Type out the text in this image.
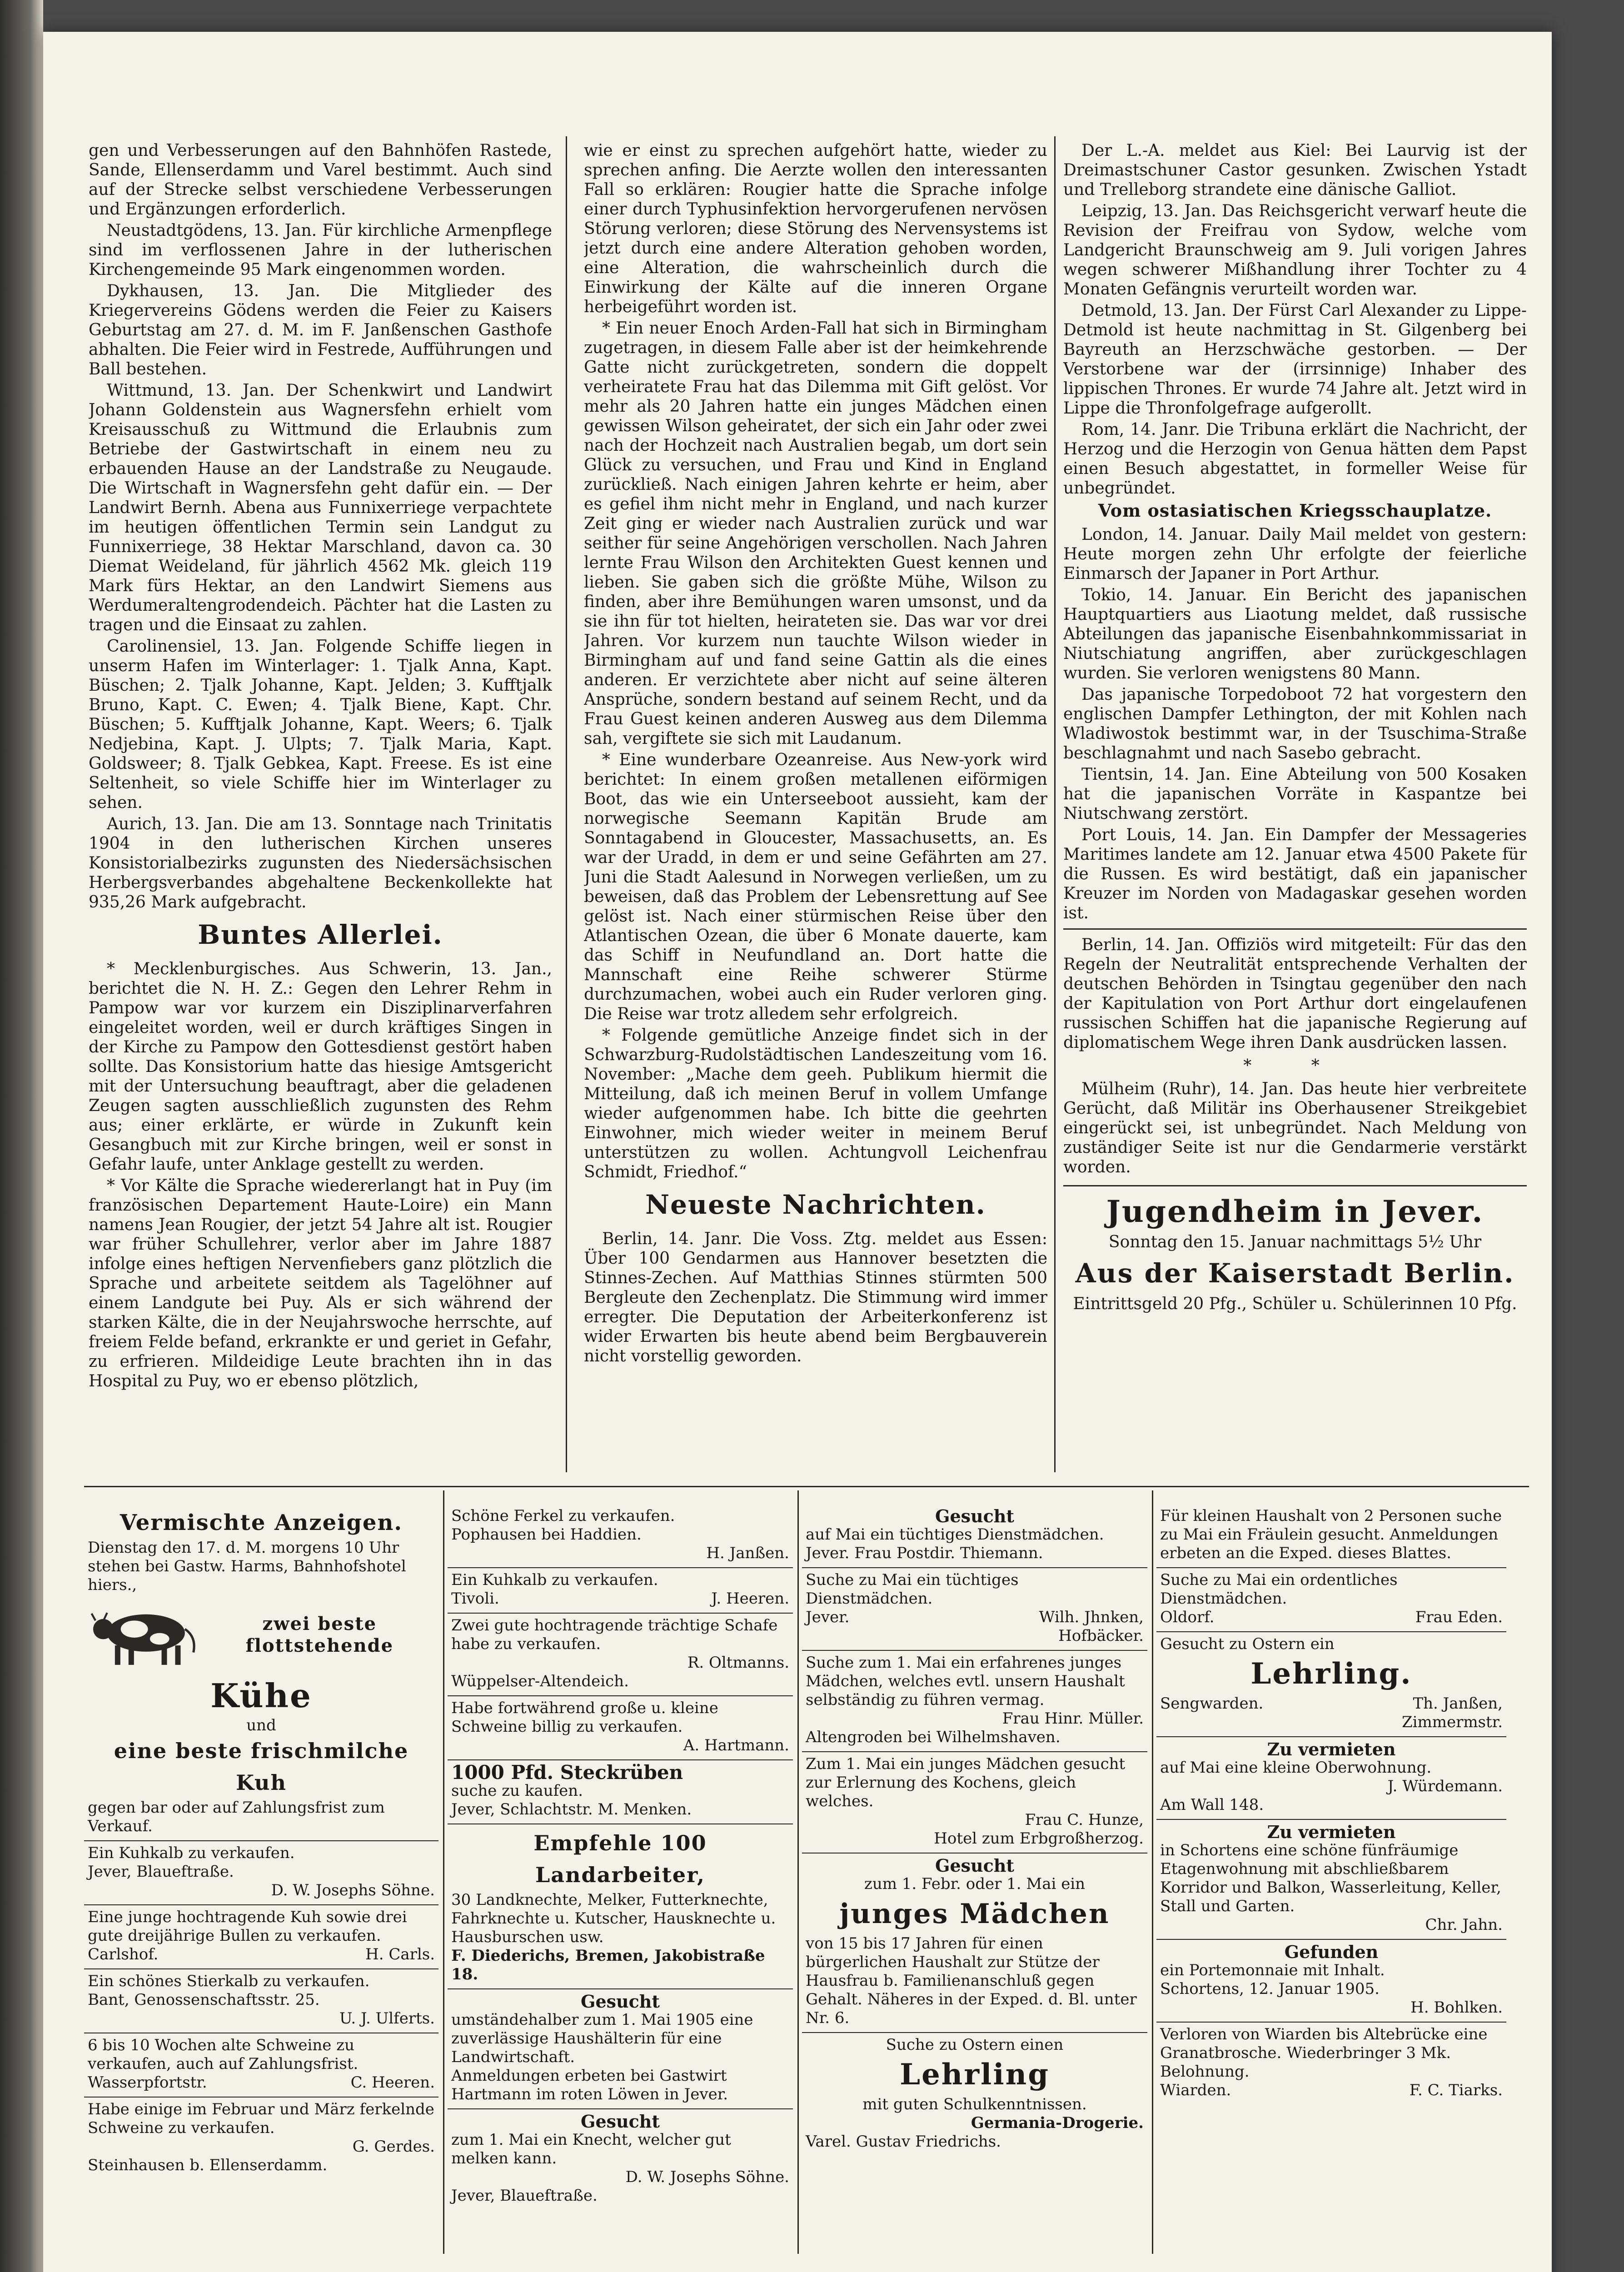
gen und Verbesserungen auf den Bahnhöfen Rastede, Sande, Ellenserdamm und Varel bestimmt. Auch sind auf der Strecke selbst verschiedene Verbesserungen und Ergänzungen erforderlich.

Neustadtgödens, 13. Jan. Für kirchliche Armenpflege sind im verflossenen Jahre in der lutherischen Kirchengemeinde 95 Mark eingenommen worden.

Dykhausen, 13. Jan. Die Mitglieder des Kriegervereins Gödens werden die Feier zu Kaisers Geburtstag am 27. d. M. im F. Janßenschen Gasthofe abhalten. Die Feier wird in Festrede, Aufführungen und Ball bestehen.

Wittmund, 13. Jan. Der Schenkwirt und Landwirt Johann Goldenstein aus Wagnersfehn erhielt vom Kreisausschuß zu Wittmund die Erlaubnis zum Betriebe der Gastwirtschaft in einem neu zu erbauenden Hause an der Landstraße zu Neugaude. Die Wirtschaft in Wagnersfehn geht dafür ein. — Der Landwirt Bernh. Abena aus Funnixerriege verpachtete im heutigen öffentlichen Termin sein Landgut zu Funnixerriege, 38 Hektar Marschland, davon ca. 30 Diemat Weideland, für jährlich 4562 Mk. gleich 119 Mark fürs Hektar, an den Landwirt Siemens aus Werdumeraltengrodendeich. Pächter hat die Lasten zu tragen und die Einsaat zu zahlen.

Carolinensiel, 13. Jan. Folgende Schiffe liegen in unserm Hafen im Winterlager: 1. Tjalk Anna, Kapt. Büschen; 2. Tjalk Johanne, Kapt. Jelden; 3. Kufftjalk Bruno, Kapt. C. Ewen; 4. Tjalk Biene, Kapt. Chr. Büschen; 5. Kufftjalk Johanne, Kapt. Weers; 6. Tjalk Nedjebina, Kapt. J. Ulpts; 7. Tjalk Maria, Kapt. Goldsweer; 8. Tjalk Gebkea, Kapt. Freese. Es ist eine Seltenheit, so viele Schiffe hier im Winterlager zu sehen.

Aurich, 13. Jan. Die am 13. Sonntage nach Trinitatis 1904 in den lutherischen Kirchen unseres Konsistorialbezirks zugunsten des Niedersächsischen Herbergsverbandes abgehaltene Beckenkollekte hat 935,26 Mark aufgebracht.

Buntes Allerlei.

* Mecklenburgisches. Aus Schwerin, 13. Jan., berichtet die N. H. Z.: Gegen den Lehrer Rehm in Pampow war vor kurzem ein Disziplinarverfahren eingeleitet worden, weil er durch kräftiges Singen in der Kirche zu Pampow den Gottesdienst gestört haben sollte. Das Konsistorium hatte das hiesige Amtsgericht mit der Untersuchung beauftragt, aber die geladenen Zeugen sagten ausschließlich zugunsten des Rehm aus; einer erklärte, er würde in Zukunft kein Gesangbuch mit zur Kirche bringen, weil er sonst in Gefahr laufe, unter Anklage gestellt zu werden.

* Vor Kälte die Sprache wiedererlangt hat in Puy (im französischen Departement Haute-Loire) ein Mann namens Jean Rougier, der jetzt 54 Jahre alt ist. Rougier war früher Schullehrer, verlor aber im Jahre 1887 infolge eines heftigen Nervenfiebers ganz plötzlich die Sprache und arbeitete seitdem als Tagelöhner auf einem Landgute bei Puy. Als er sich während der starken Kälte, die in der Neujahrswoche herrschte, auf freiem Felde befand, erkrankte er und geriet in Gefahr, zu erfrieren. Mildeidige Leute brachten ihn in das Hospital zu Puy, wo er ebenso plötzlich,

wie er einst zu sprechen aufgehört hatte, wieder zu sprechen anfing. Die Aerzte wollen den interessanten Fall so erklären: Rougier hatte die Sprache infolge einer durch Typhusinfektion hervorgerufenen nervösen Störung verloren; diese Störung des Nervensystems ist jetzt durch eine andere Alteration gehoben worden, eine Alteration, die wahrscheinlich durch die Einwirkung der Kälte auf die inneren Organe herbeigeführt worden ist.

* Ein neuer Enoch Arden-Fall hat sich in Birmingham zugetragen, in diesem Falle aber ist der heimkehrende Gatte nicht zurückgetreten, sondern die doppelt verheiratete Frau hat das Dilemma mit Gift gelöst. Vor mehr als 20 Jahren hatte ein junges Mädchen einen gewissen Wilson geheiratet, der sich ein Jahr oder zwei nach der Hochzeit nach Australien begab, um dort sein Glück zu versuchen, und Frau und Kind in England zurückließ. Nach einigen Jahren kehrte er heim, aber es gefiel ihm nicht mehr in England, und nach kurzer Zeit ging er wieder nach Australien zurück und war seither für seine Angehörigen verschollen. Nach Jahren lernte Frau Wilson den Architekten Guest kennen und lieben. Sie gaben sich die größte Mühe, Wilson zu finden, aber ihre Bemühungen waren umsonst, und da sie ihn für tot hielten, heirateten sie. Das war vor drei Jahren. Vor kurzem nun tauchte Wilson wieder in Birmingham auf und fand seine Gattin als die eines anderen. Er verzichtete aber nicht auf seine älteren Ansprüche, sondern bestand auf seinem Recht, und da Frau Guest keinen anderen Ausweg aus dem Dilemma sah, vergiftete sie sich mit Laudanum.

* Eine wunderbare Ozeanreise. Aus New-york wird berichtet: In einem großen metallenen eiförmigen Boot, das wie ein Unterseeboot aussieht, kam der norwegische Seemann Kapitän Brude am Sonntagabend in Gloucester, Massachusetts, an. Es war der Uradd, in dem er und seine Gefährten am 27. Juni die Stadt Aalesund in Norwegen verließen, um zu beweisen, daß das Problem der Lebensrettung auf See gelöst ist. Nach einer stürmischen Reise über den Atlantischen Ozean, die über 6 Monate dauerte, kam das Schiff in Neufundland an. Dort hatte die Mannschaft eine Reihe schwerer Stürme durchzumachen, wobei auch ein Ruder verloren ging. Die Reise war trotz alledem sehr erfolgreich.

* Folgende gemütliche Anzeige findet sich in der Schwarzburg-Rudolstädtischen Landeszeitung vom 16. November: „Mache dem geeh. Publikum hiermit die Mitteilung, daß ich meinen Beruf in vollem Umfange wieder aufgenommen habe. Ich bitte die geehrten Einwohner, mich wieder weiter in meinem Beruf unterstützen zu wollen. Achtungvoll Leichenfrau Schmidt, Friedhof.“

Neueste Nachrichten.

Berlin, 14. Janr. Die Voss. Ztg. meldet aus Essen: Über 100 Gendarmen aus Hannover besetzten die Stinnes-Zechen. Auf Matthias Stinnes stürmten 500 Bergleute den Zechenplatz. Die Stimmung wird immer erregter. Die Deputation der Arbeiterkonferenz ist wider Erwarten bis heute abend beim Bergbauverein nicht vorstellig geworden.

Der L.-A. meldet aus Kiel: Bei Laurvig ist der Dreimastschuner Castor gesunken. Zwischen Ystadt und Trelleborg strandete eine dänische Galliot.

Leipzig, 13. Jan. Das Reichsgericht verwarf heute die Revision der Freifrau von Sydow, welche vom Landgericht Braunschweig am 9. Juli vorigen Jahres wegen schwerer Mißhandlung ihrer Tochter zu 4 Monaten Gefängnis verurteilt worden war.

Detmold, 13. Jan. Der Fürst Carl Alexander zu Lippe-Detmold ist heute nachmittag in St. Gilgenberg bei Bayreuth an Herzschwäche gestorben. — Der Verstorbene war der (irrsinnige) Inhaber des lippischen Thrones. Er wurde 74 Jahre alt. Jetzt wird in Lippe die Thronfolgefrage aufgerollt.

Rom, 14. Janr. Die Tribuna erklärt die Nachricht, der Herzog und die Herzogin von Genua hätten dem Papst einen Besuch abgestattet, in formeller Weise für unbegründet.

Vom ostasiatischen Kriegsschauplatze.

London, 14. Januar. Daily Mail meldet von gestern: Heute morgen zehn Uhr erfolgte der feierliche Einmarsch der Japaner in Port Arthur.

Tokio, 14. Januar. Ein Bericht des japanischen Hauptquartiers aus Liaotung meldet, daß russische Abteilungen das japanische Eisenbahnkommissariat in Niutschiatung angriffen, aber zurückgeschlagen wurden. Sie verloren wenigstens 80 Mann.

Das japanische Torpedoboot 72 hat vorgestern den englischen Dampfer Lethington, der mit Kohlen nach Wladiwostok bestimmt war, in der Tsuschima-Straße beschlagnahmt und nach Sasebo gebracht.

Tientsin, 14. Jan. Eine Abteilung von 500 Kosaken hat die japanischen Vorräte in Kaspantze bei Niutschwang zerstört.

Port Louis, 14. Jan. Ein Dampfer der Messageries Maritimes landete am 12. Januar etwa 4500 Pakete für die Russen. Es wird bestätigt, daß ein japanischer Kreuzer im Norden von Madagaskar gesehen worden ist.

Berlin, 14. Jan. Offiziös wird mitgeteilt: Für das den Regeln der Neutralität entsprechende Verhalten der deutschen Behörden in Tsingtau gegenüber den nach der Kapitulation von Port Arthur dort eingelaufenen russischen Schiffen hat die japanische Regierung auf diplomatischem Wege ihren Dank ausdrücken lassen.

* *

Mülheim (Ruhr), 14. Jan. Das heute hier verbreitete Gerücht, daß Militär ins Oberhausener Streikgebiet eingerückt sei, ist unbegründet. Nach Meldung von zuständiger Seite ist nur die Gendarmerie verstärkt worden.

Jugendheim in Jever.
Sonntag den 15. Januar nachmittags 5½ Uhr
Aus der Kaiserstadt Berlin.
Eintrittsgeld 20 Pfg., Schüler u. Schülerinnen 10 Pfg.
Vermischte Anzeigen.
Dienstag den 17. d. M. morgens 10 Uhr stehen bei Gastw. Harms, Bahnhofshotel hiers.,
zwei beste flottstehende
Kühe
und
eine beste frischmilche Kuh
gegen bar oder auf Zahlungsfrist zum Verkauf.
Ein Kuhkalb zu verkaufen.
Jever, Blaueftraße.
D. W. Josephs Söhne.
Eine junge hochtragende Kuh sowie drei gute dreijährige Bullen zu verkaufen.
Carlshof.	H. Carls.
Ein schönes Stierkalb zu verkaufen.
Bant, Genossenschaftsstr. 25.
U. J. Ulferts.
6 bis 10 Wochen alte Schweine zu verkaufen, auch auf Zahlungsfrist.
Wasserpfortstr.	C. Heeren.
Habe einige im Februar und März ferkelnde Schweine zu verkaufen.
G. Gerdes.
Steinhausen b. Ellenserdamm.
Schöne Ferkel zu verkaufen.
Pophausen bei Haddien.
H. Janßen.
Ein Kuhkalb zu verkaufen.
Tivoli.	J. Heeren.
Zwei gute hochtragende trächtige Schafe habe zu verkaufen.
R. Oltmanns.
Wüppelser-Altendeich.
Habe fortwährend große u. kleine Schweine billig zu verkaufen.
A. Hartmann.
1000 Pfd. Steckrüben
suche zu kaufen.
Jever, Schlachtstr. M. Menken.
Empfehle 100 Landarbeiter,
30 Landknechte, Melker, Futterknechte, Fahrknechte u. Kutscher, Hausknechte u. Hausburschen usw.
F. Diederichs, Bremen, Jakobistraße 18.
Gesucht
umständehalber zum 1. Mai 1905 eine zuverlässige Haushälterin für eine Landwirtschaft.
Anmeldungen erbeten bei Gastwirt Hartmann im roten Löwen in Jever.
Gesucht
zum 1. Mai ein Knecht, welcher gut melken kann.
D. W. Josephs Söhne.
Jever, Blaueftraße.
Gesucht
auf Mai ein tüchtiges Dienstmädchen.
Jever. Frau Postdir. Thiemann.
Suche zu Mai ein tüchtiges Dienstmädchen.
Jever.	Wilh. Jhnken, Hofbäcker.
Suche zum 1. Mai ein erfahrenes junges Mädchen, welches evtl. unsern Haushalt selbständig zu führen vermag.
Frau Hinr. Müller.
Altengroden bei Wilhelmshaven.
Zum 1. Mai ein junges Mädchen gesucht zur Erlernung des Kochens, gleich welches.
Frau C. Hunze,
Hotel zum Erbgroßherzog.
Gesucht
zum 1. Febr. oder 1. Mai ein
junges Mädchen
von 15 bis 17 Jahren für einen bürgerlichen Haushalt zur Stütze der Hausfrau b. Familienanschluß gegen Gehalt. Näheres in der Exped. d. Bl. unter Nr. 6.
Suche zu Ostern einen
Lehrling
mit guten Schulkenntnissen.
Germania-Drogerie.
Varel. Gustav Friedrichs.
Für kleinen Haushalt von 2 Personen suche zu Mai ein Fräulein gesucht. Anmeldungen erbeten an die Exped. dieses Blattes.
Suche zu Mai ein ordentliches Dienstmädchen.
Oldorf.	Frau Eden.
Gesucht zu Ostern ein
Lehrling.
Sengwarden.	Th. Janßen, Zimmermstr.
Zu vermieten
auf Mai eine kleine Oberwohnung.
J. Würdemann.
Am Wall 148.
Zu vermieten
in Schortens eine schöne fünfräumige Etagenwohnung mit abschließbarem Korridor und Balkon, Wasserleitung, Keller, Stall und Garten.
Chr. Jahn.
Gefunden
ein Portemonnaie mit Inhalt.
Schortens, 12. Januar 1905.
H. Bohlken.
Verloren von Wiarden bis Altebrücke eine Granatbrosche. Wiederbringer 3 Mk. Belohnung.
Wiarden.	F. C. Tiarks.
